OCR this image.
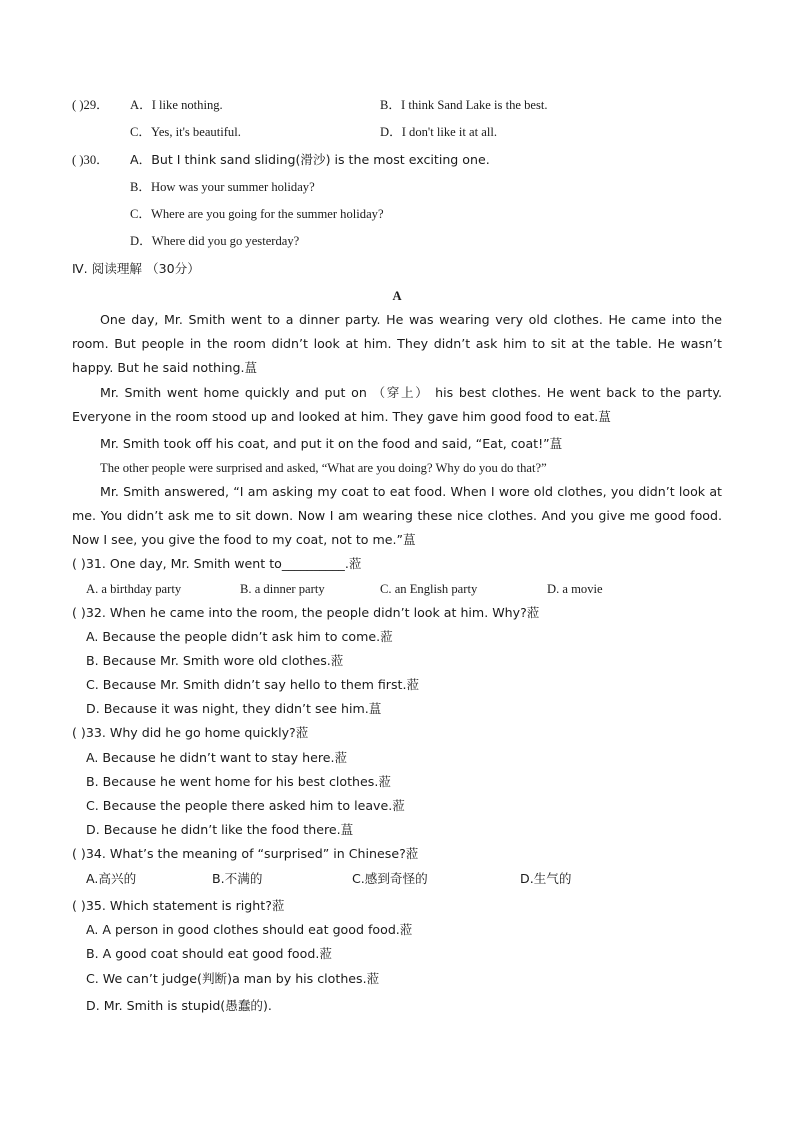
( )29． A．I like nothing.	B．I think Sand Lake is the best.
C．Yes, it's beautiful.	D．I don't like it at all.
( )30． A．But I think sand sliding(滑沙) is the most exciting one.
B．How was your summer holiday?
C．Where are you going for the summer holiday?
D．Where did you go yesterday?
Ⅳ. 阅读理解 （30分）
A
One day, Mr. Smith went to a dinner party. He was wearing very old clothes. He came into the room. But people in the room didn’t look at him. They didn’t ask him to sit at the table. He wasn’t happy. But he said nothing.蒀
Mr. Smith went home quickly and put on （穿上） his best clothes. He went back to the party. Everyone in the room stood up and looked at him. They gave him good food to eat.蒀
Mr. Smith took off his coat, and put it on the food and said, “Eat, coat!”蒀
The other people were surprised and asked, “What are you doing? Why do you do that?”
Mr. Smith answered, “I am asking my coat to eat food. When I wore old clothes, you didn’t look at me. You didn’t ask me to sit down. Now I am wearing these nice clothes. And you give me good food. Now I see, you give the food to my coat, not to me.”蒀
( )31. One day, Mr. Smith went to__________.蒞
A. a birthday party	B. a dinner party	C. an English party	D. a movie
( )32. When he came into the room, the people didn’t look at him. Why?蒞
A. Because the people didn’t ask him to come.蒞
B. Because Mr. Smith wore old clothes.蒞
C. Because Mr. Smith didn’t say hello to them first.蒞
D. Because it was night, they didn’t see him.蒀
( )33. Why did he go home quickly?蒞
A. Because he didn’t want to stay here.蒞
B. Because he went home for his best clothes.蒞
C. Because the people there asked him to leave.蒞
D. Because he didn’t like the food there.蒀
( )34. What’s the meaning of “surprised” in Chinese?蒞
A.高兴的	B.不满的	C.感到奇怪的	D.生气的
( )35. Which statement is right?蒞
A. A person in good clothes should eat good food.蒞
B. A good coat should eat good food.蒞
C. We can’t judge(判断)a man by his clothes.蒞
D. Mr. Smith is stupid(愚蠢的).
